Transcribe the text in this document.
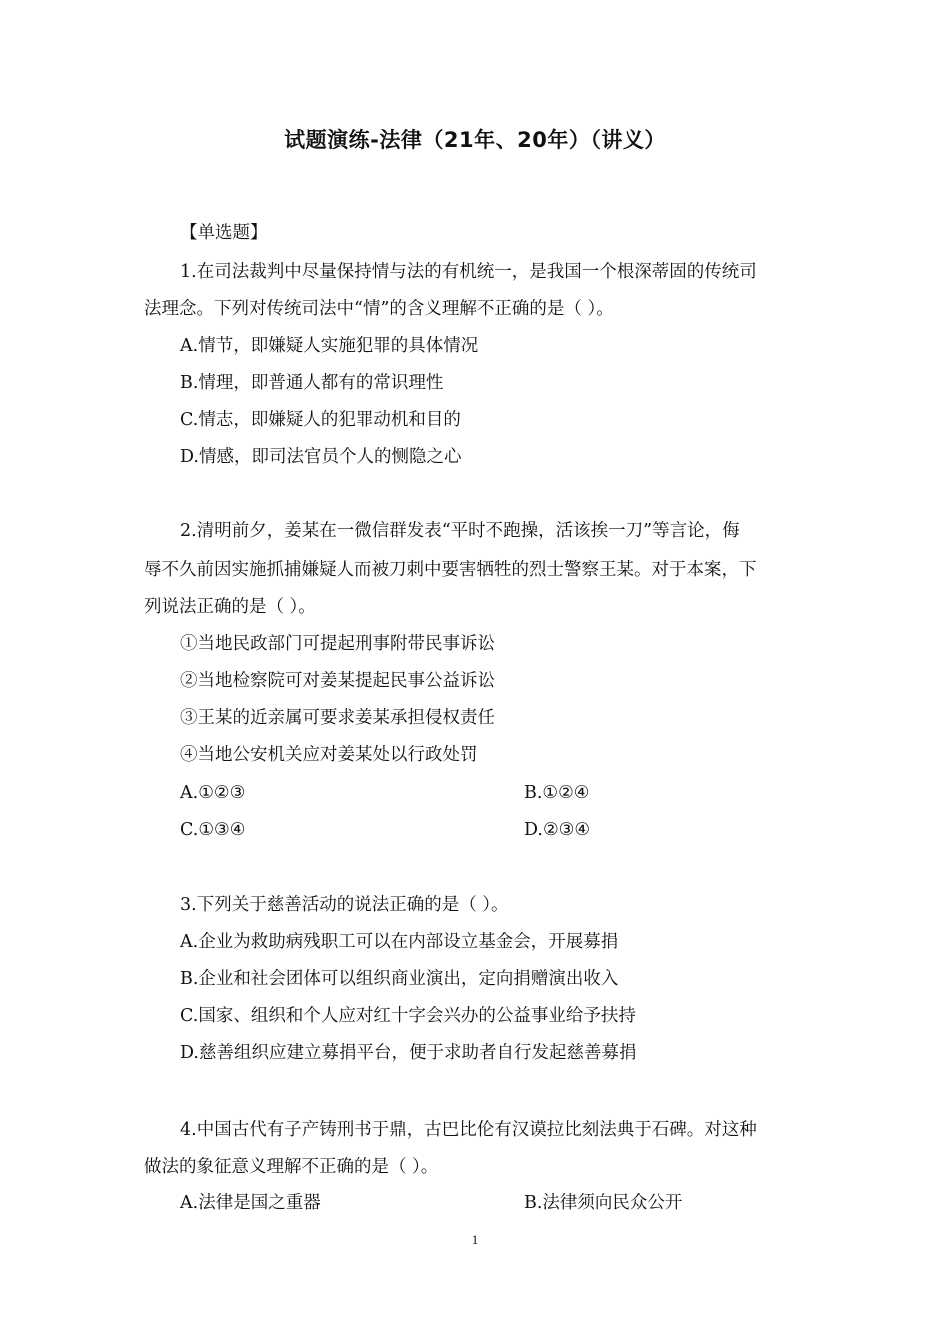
试题演练-法律（21年、20年）（讲义）
【单选题】
1.在司法裁判中尽量保持情与法的有机统一，是我国一个根深蒂固的传统司
法理念。下列对传统司法中“情”的含义理解不正确的是（ ）。
A.情节，即嫌疑人实施犯罪的具体情况
B.情理，即普通人都有的常识理性
C.情志，即嫌疑人的犯罪动机和目的
D.情感，即司法官员个人的恻隐之心
2.清明前夕，姜某在一微信群发表“平时不跑操，活该挨一刀”等言论，侮
辱不久前因实施抓捕嫌疑人而被刀刺中要害牺牲的烈士警察王某。对于本案，下
列说法正确的是（ ）。
①当地民政部门可提起刑事附带民事诉讼
②当地检察院可对姜某提起民事公益诉讼
③王某的近亲属可要求姜某承担侵权责任
④当地公安机关应对姜某处以行政处罚
A.①②③	B.①②④
C.①③④	D.②③④
3.下列关于慈善活动的说法正确的是（ ）。
A.企业为救助病残职工可以在内部设立基金会，开展募捐
B.企业和社会团体可以组织商业演出，定向捐赠演出收入
C.国家、组织和个人应对红十字会兴办的公益事业给予扶持
D.慈善组织应建立募捐平台，便于求助者自行发起慈善募捐
4.中国古代有子产铸刑书于鼎，古巴比伦有汉谟拉比刻法典于石碑。对这种
做法的象征意义理解不正确的是（ ）。
A.法律是国之重器	B.法律须向民众公开
1
